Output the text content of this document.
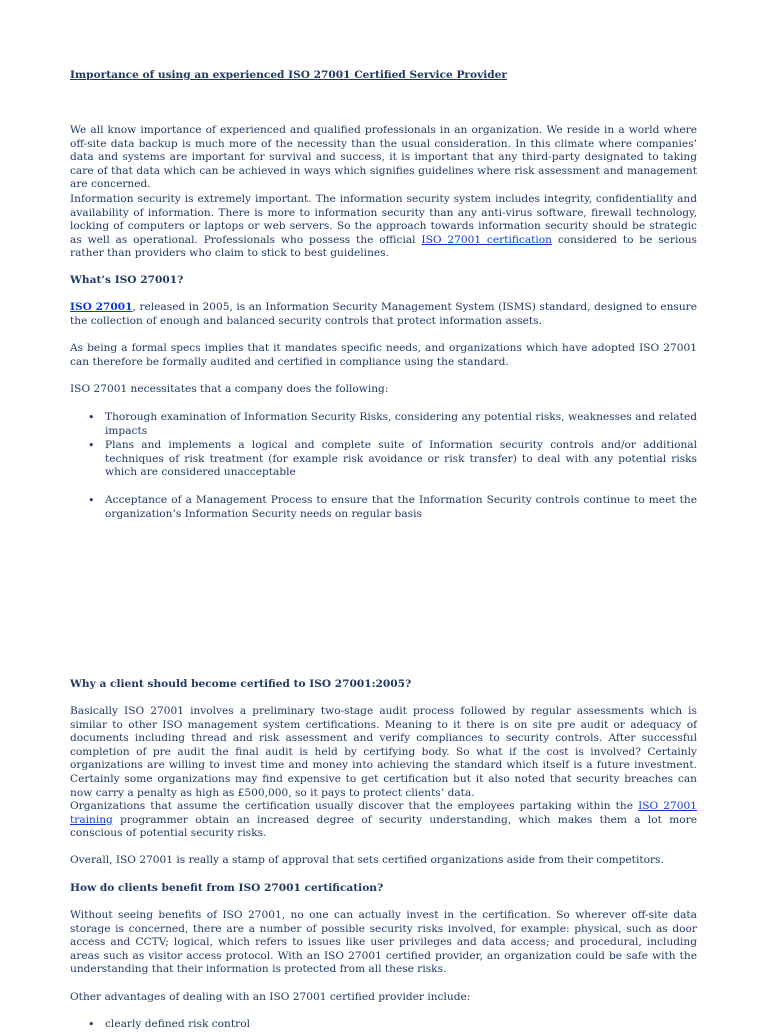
Importance of using an experienced ISO 27001 Certified Service Provider

We all know importance of experienced and qualified professionals in an organization. We reside in a world where off-site data backup is much more of the necessity than the usual consideration. In this climate where companies’ data and systems are important for survival and success, it is important that any third-party designated to taking care of that data which can be achieved in ways which signifies guidelines where risk assessment and management are concerned.

Information security is extremely important. The information security system includes integrity, confidentiality and availability of information. There is more to information security than any anti-virus software, firewall technology, locking of computers or laptops or web servers. So the approach towards information security should be strategic as well as operational. Professionals who possess the official ISO 27001 certification considered to be serious rather than providers who claim to stick to best guidelines.

What’s ISO 27001?

ISO 27001, released in 2005, is an Information Security Management System (ISMS) standard, designed to ensure the collection of enough and balanced security controls that protect information assets.

As being a formal specs implies that it mandates specific needs, and organizations which have adopted ISO 27001 can therefore be formally audited and certified in compliance using the standard.

ISO 27001 necessitates that a company does the following:

• Thorough examination of Information Security Risks, considering any potential risks, weaknesses and related impacts
• Plans and implements a logical and complete suite of Information security controls and/or additional techniques of risk treatment (for example risk avoidance or risk transfer) to deal with any potential risks which are considered unacceptable
• Acceptance of a Management Process to ensure that the Information Security controls continue to meet the organization’s Information Security needs on regular basis
Why a client should become certified to ISO 27001:2005?

Basically ISO 27001 involves a preliminary two-stage audit process followed by regular assessments which is similar to other ISO management system certifications. Meaning to it there is on site pre audit or adequacy of documents including thread and risk assessment and verify compliances to security controls. After successful completion of pre audit the final audit is held by certifying body. So what if the cost is involved? Certainly organizations are willing to invest time and money into achieving the standard which itself is a future investment. Certainly some organizations may find expensive to get certification but it also noted that security breaches can now carry a penalty as high as £500,000, so it pays to protect clients’ data.

Organizations that assume the certification usually discover that the employees partaking within the ISO 27001 training programmer obtain an increased degree of security understanding, which makes them a lot more conscious of potential security risks.

Overall, ISO 27001 is really a stamp of approval that sets certified organizations aside from their competitors.

How do clients benefit from ISO 27001 certification?

Without seeing benefits of ISO 27001, no one can actually invest in the certification. So wherever off-site data storage is concerned, there are a number of possible security risks involved, for example: physical, such as door access and CCTV; logical, which refers to issues like user privileges and data access; and procedural, including areas such as visitor access protocol. With an ISO 27001 certified provider, an organization could be safe with the understanding that their information is protected from all these risks.

Other advantages of dealing with an ISO 27001 certified provider include:

• clearly defined risk control
